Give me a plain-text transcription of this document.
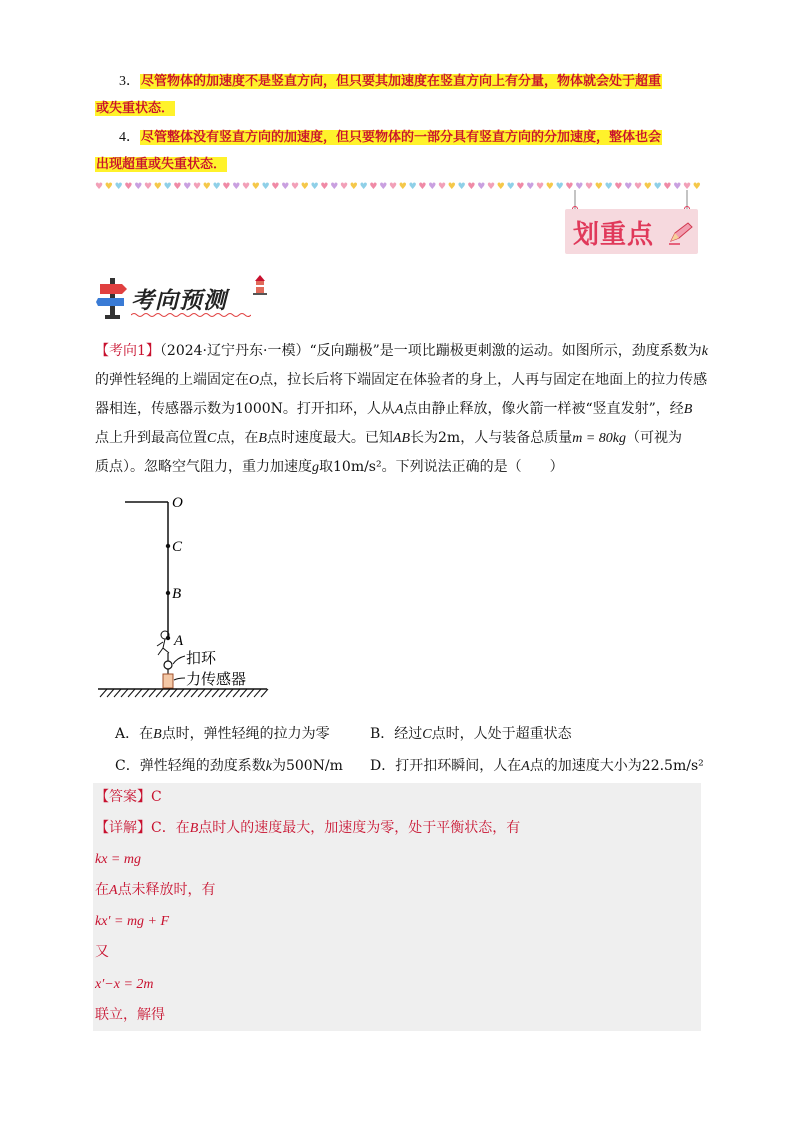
3．尽管物体的加速度不是竖直方向，但只要其加速度在竖直方向上有分量，物体就会处于超重
或失重状态．
4．尽管整体没有竖直方向的加速度，但只要物体的一部分具有竖直方向的分加速度，整体也会
出现超重或失重状态．
♥ ♥ ♥ ♥ ♥ ♥ ♥ ♥ ♥ ♥ ♥ ♥ ♥ ♥ ♥ ♥ ♥ ♥ ♥ ♥ ♥ ♥ ♥ ♥ ♥ ♥ ♥ ♥ ♥ ♥ ♥ ♥ ♥ ♥ ♥ ♥ ♥ ♥ ♥ ♥ ♥ ♥ ♥ ♥ ♥ ♥ ♥ ♥ ♥ ♥ ♥ ♥ ♥ ♥ ♥ ♥ ♥ ♥ ♥ ♥ ♥ ♥
划重点
考向预测
【考向1】（2024·辽宁丹东·一模）“反向蹦极”是一项比蹦极更刺激的运动。如图所示，劲度系数为k
的弹性轻绳的上端固定在O点，拉长后将下端固定在体验者的身上，人再与固定在地面上的拉力传感
器相连，传感器示数为1000N。打开扣环，人从A点由静止释放，像火箭一样被“竖直发射”，经B
点上升到最高位置C点，在B点时速度最大。已知AB长为2m，人与装备总质量m = 80kg（可视为
质点）。忽略空气阻力，重力加速度g取10m/s²。下列说法正确的是（　　）
O
C
B
A
扣环
力传感器
A．在B点时，弹性轻绳的拉力为零	B．经过C点时，人处于超重状态
C．弹性轻绳的劲度系数k为500N/m D．打开扣环瞬间，人在A点的加速度大小为22.5m/s²
【答案】C
【详解】C．在B点时人的速度最大，加速度为零，处于平衡状态，有
kx = mg
在A点未释放时，有
kx′ = mg + F
又
x′−x = 2m
联立，解得
